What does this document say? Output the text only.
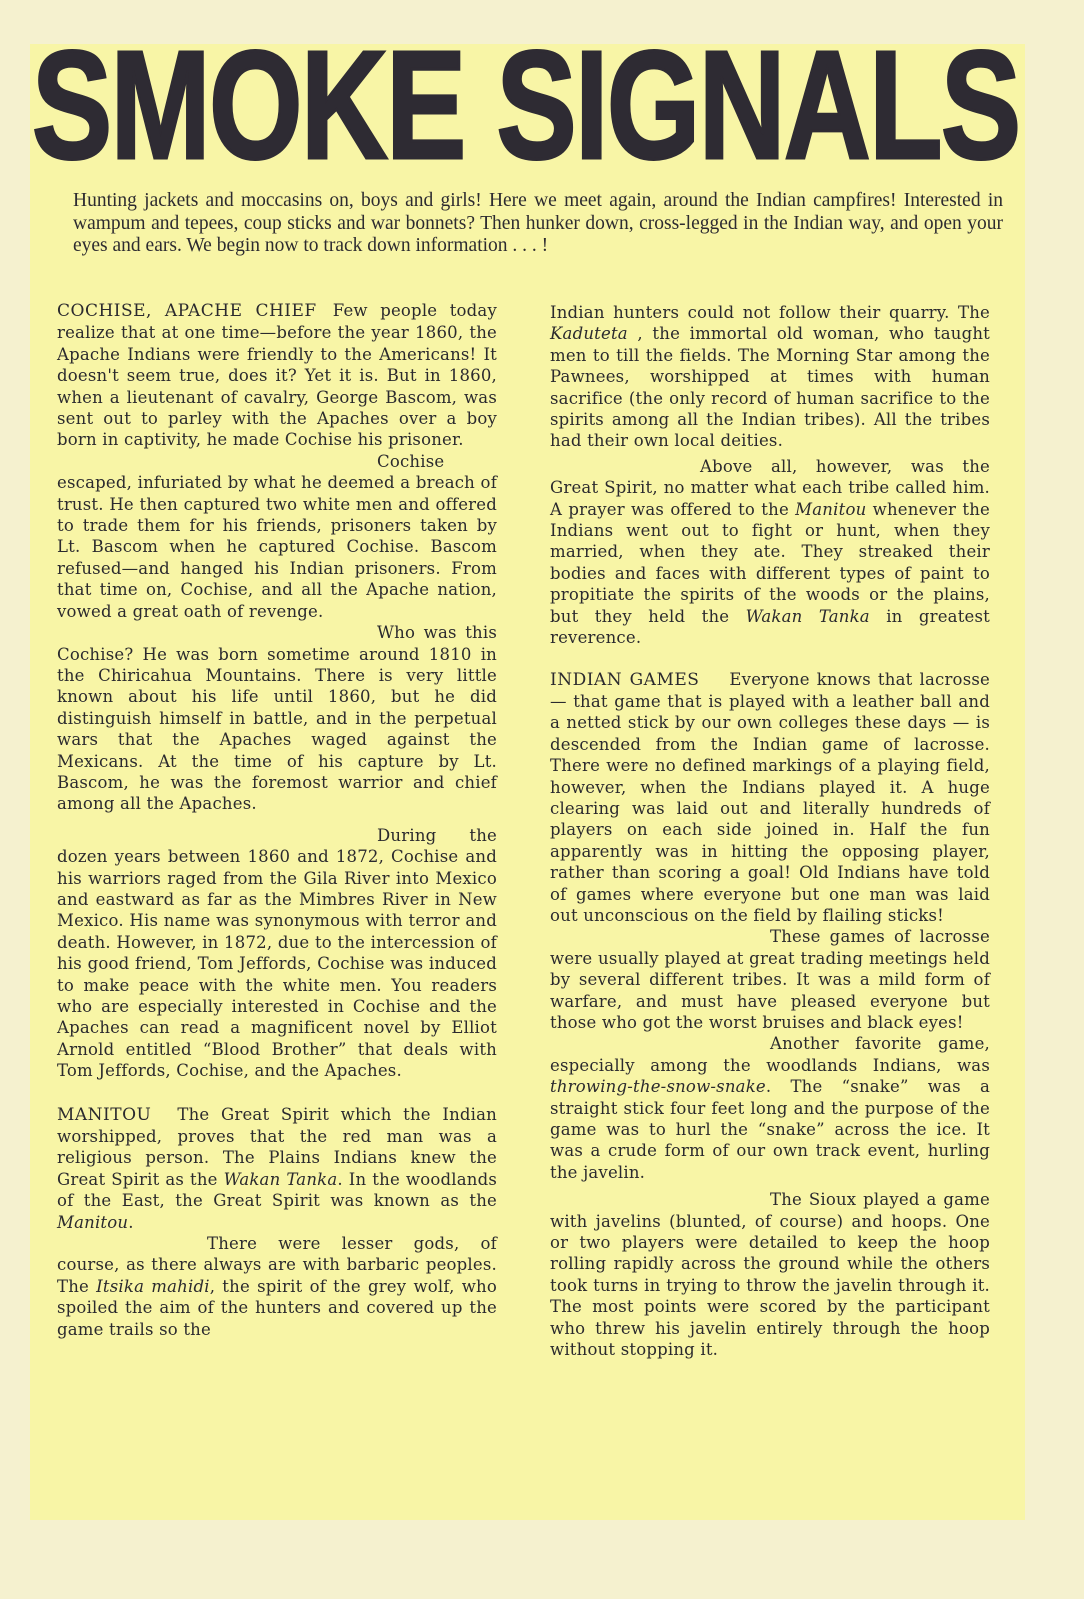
SMOKE SIGNALS

Hunting jackets and moccasins on, boys and girls! Here we meet again, around the Indian campfires! Interested in wampum and tepees, coup sticks and war bonnets? Then hunker down, cross-legged in the Indian way, and open your eyes and ears. We begin now to track down information . . . !

COCHISE, APACHE CHIEF Few people today realize that at one time—before the year 1860, the Apache Indians were friendly to the Americans! It doesn't seem true, does it? Yet it is. But in 1860, when a lieutenant of cavalry, George Bascom, was sent out to parley with the Apaches over a boy born in captivity, he made Cochise his prisoner.

Cochise escaped, infuriated by what he deemed a breach of trust. He then captured two white men and offered to trade them for his friends, prisoners taken by Lt. Bascom when he captured Cochise. Bascom refused—and hanged his Indian prisoners. From that time on, Cochise, and all the Apache nation, vowed a great oath of revenge.

Who was this Cochise? He was born sometime around 1810 in the Chiricahua Mountains. There is very little known about his life until 1860, but he did distinguish himself in battle, and in the perpetual wars that the Apaches waged against the Mexicans. At the time of his capture by Lt. Bascom, he was the foremost warrior and chief among all the Apaches.

During the dozen years between 1860 and 1872, Cochise and his warriors raged from the Gila River into Mexico and eastward as far as the Mimbres River in New Mexico. His name was synonymous with terror and death. However, in 1872, due to the intercession of his good friend, Tom Jeffords, Cochise was induced to make peace with the white men. You readers who are especially interested in Cochise and the Apaches can read a magnificent novel by Elliot Arnold entitled “Blood Brother” that deals with Tom Jeffords, Cochise, and the Apaches.

MANITOU The Great Spirit which the Indian worshipped, proves that the red man was a religious person. The Plains Indians knew the Great Spirit as the Wakan Tanka. In the woodlands of the East, the Great Spirit was known as the Manitou.

There were lesser gods, of course, as there always are with barbaric peoples. The Itsika mahidi, the spirit of the grey wolf, who spoiled the aim of the hunters and covered up the game trails so the

Indian hunters could not follow their quarry. The Kaduteta , the immortal old woman, who taught men to till the fields. The Morning Star among the Pawnees, worshipped at times with human sacrifice (the only record of human sacrifice to the spirits among all the Indian tribes). All the tribes had their own local deities.

Above all, however, was the Great Spirit, no matter what each tribe called him. A prayer was offered to the Manitou whenever the Indians went out to fight or hunt, when they married, when they ate. They streaked their bodies and faces with different types of paint to propitiate the spirits of the woods or the plains, but they held the Wakan Tanka in greatest reverence.

INDIAN GAMES Everyone knows that lacrosse — that game that is played with a leather ball and a netted stick by our own colleges these days — is descended from the Indian game of lacrosse. There were no defined markings of a playing field, however, when the Indians played it. A huge clearing was laid out and literally hundreds of players on each side joined in. Half the fun apparently was in hitting the opposing player, rather than scoring a goal! Old Indians have told of games where everyone but one man was laid out unconscious on the field by flailing sticks!

These games of lacrosse were usually played at great trading meetings held by several different tribes. It was a mild form of warfare, and must have pleased everyone but those who got the worst bruises and black eyes!

Another favorite game, especially among the woodlands Indians, was throwing-the-snow-snake. The “snake” was a straight stick four feet long and the purpose of the game was to hurl the “snake” across the ice. It was a crude form of our own track event, hurling the javelin.

The Sioux played a game with javelins (blunted, of course) and hoops. One or two players were detailed to keep the hoop rolling rapidly across the ground while the others took turns in trying to throw the javelin through it. The most points were scored by the participant who threw his javelin entirely through the hoop without stopping it.
